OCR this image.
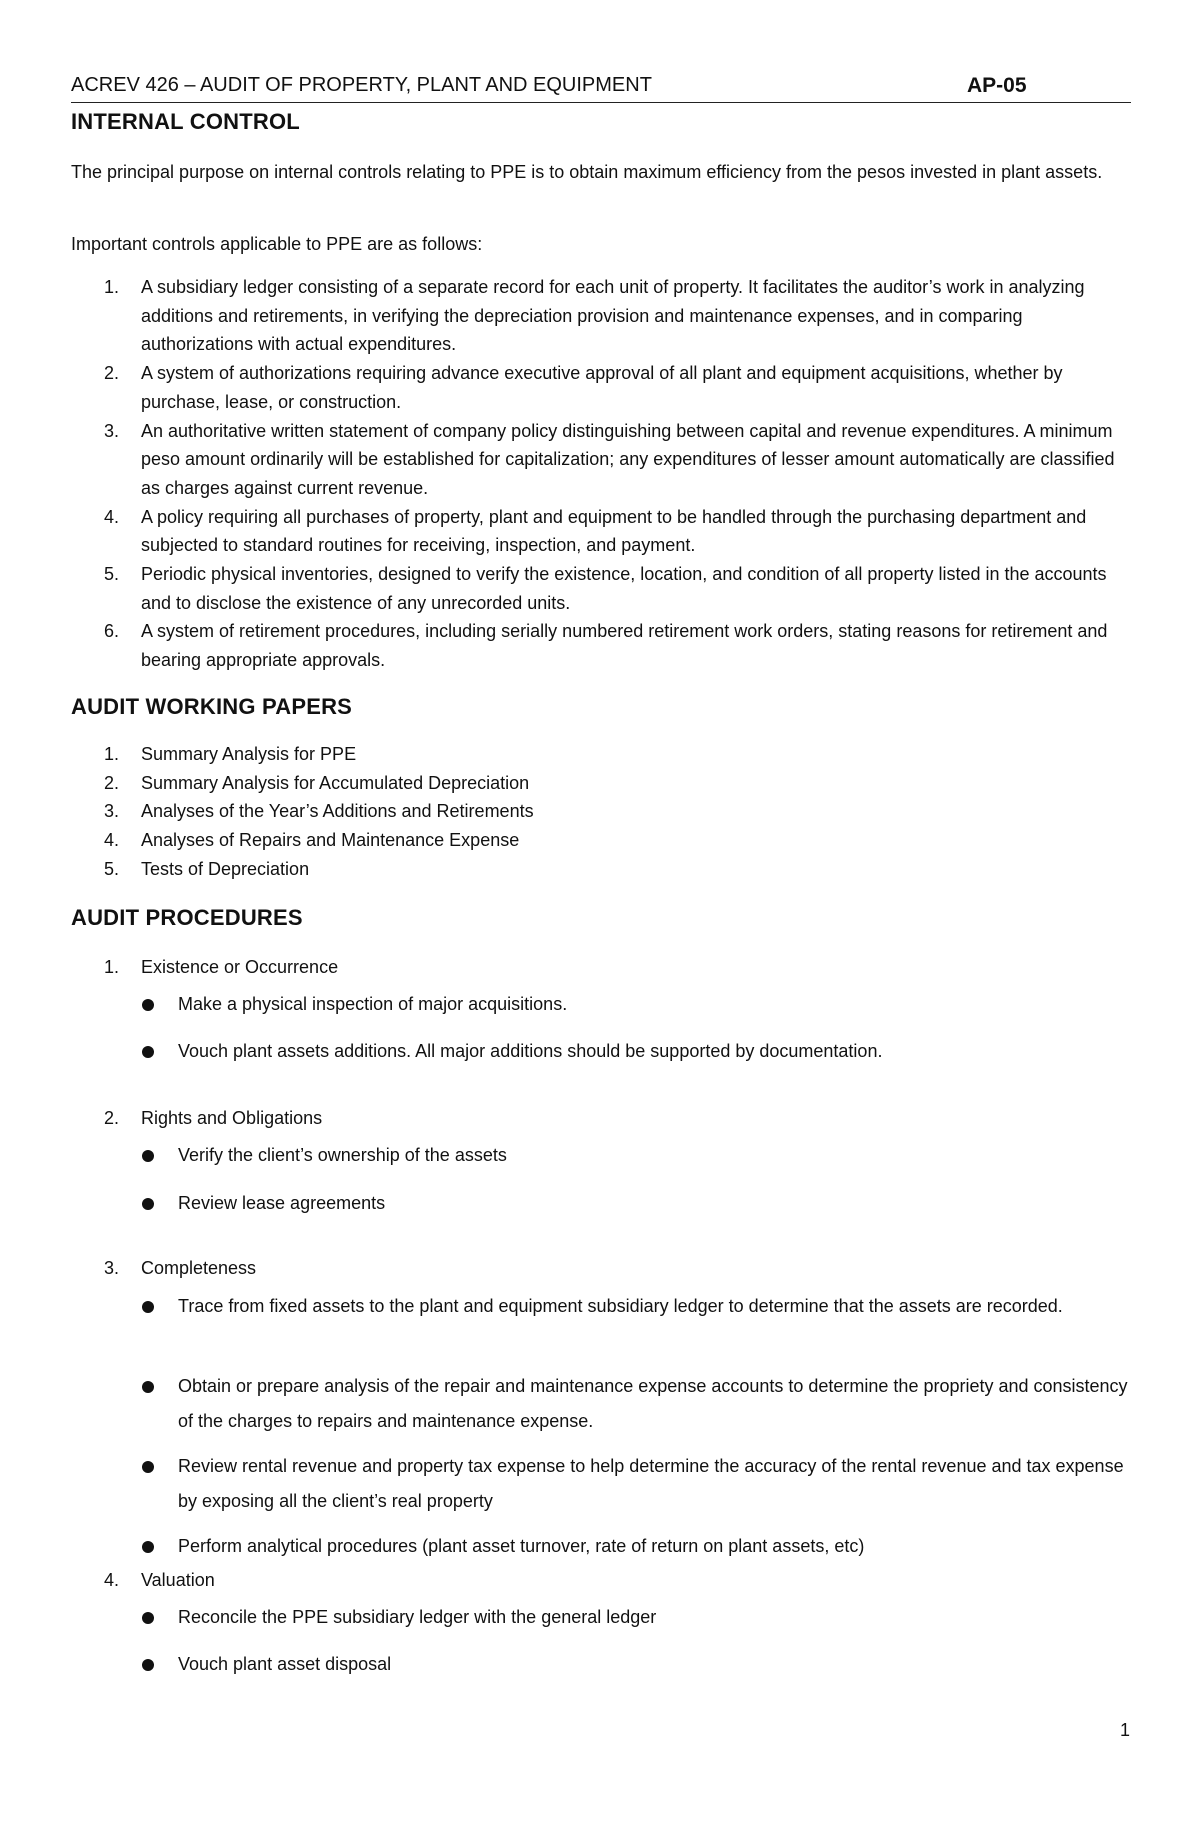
ACREV 426 – AUDIT OF PROPERTY, PLANT AND EQUIPMENT	AP-05
INTERNAL CONTROL

The principal purpose on internal controls relating to PPE is to obtain maximum efficiency from the pesos invested in plant assets.

Important controls applicable to PPE are as follows:

1. A subsidiary ledger consisting of a separate record for each unit of property. It facilitates the auditor’s work in analyzing additions and retirements, in verifying the depreciation provision and maintenance expenses, and in comparing authorizations with actual expenditures.
2. A system of authorizations requiring advance executive approval of all plant and equipment acquisitions, whether by purchase, lease, or construction.
3. An authoritative written statement of company policy distinguishing between capital and revenue expenditures. A minimum peso amount ordinarily will be established for capitalization; any expenditures of lesser amount automatically are classified as charges against current revenue.
4. A policy requiring all purchases of property, plant and equipment to be handled through the purchasing department and subjected to standard routines for receiving, inspection, and payment.
5. Periodic physical inventories, designed to verify the existence, location, and condition of all property listed in the accounts and to disclose the existence of any unrecorded units.
6. A system of retirement procedures, including serially numbered retirement work orders, stating reasons for retirement and bearing appropriate approvals.
AUDIT WORKING PAPERS
1. Summary Analysis for PPE
2. Summary Analysis for Accumulated Depreciation
3. Analyses of the Year’s Additions and Retirements
4. Analyses of Repairs and Maintenance Expense
5. Tests of Depreciation
AUDIT PROCEDURES
1. Existence or Occurrence
Make a physical inspection of major acquisitions.
Vouch plant assets additions. All major additions should be supported by documentation.
2. Rights and Obligations
Verify the client’s ownership of the assets
Review lease agreements
3. Completeness
Trace from fixed assets to the plant and equipment subsidiary ledger to determine that the assets are recorded.
Obtain or prepare analysis of the repair and maintenance expense accounts to determine the propriety and consistency of the charges to repairs and maintenance expense.
Review rental revenue and property tax expense to help determine the accuracy of the rental revenue and tax expense by exposing all the client’s real property
Perform analytical procedures (plant asset turnover, rate of return on plant assets, etc)
4. Valuation
Reconcile the PPE subsidiary ledger with the general ledger
Vouch plant asset disposal
1
